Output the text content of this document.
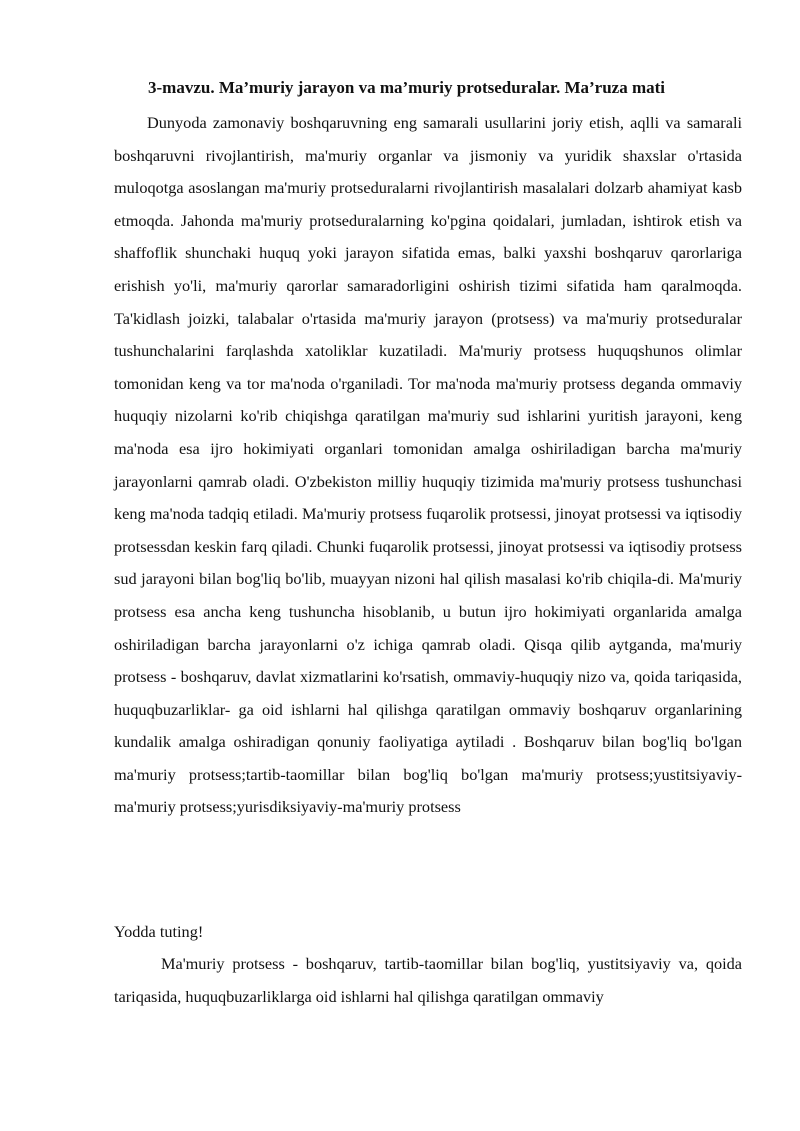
3-mavzu. Ma’muriy jarayon va ma’muriy protseduralar. Ma’ruza mati

Dunyoda zamonaviy boshqaruvning eng samarali usullarini joriy etish, aqlli va samarali boshqaruvni rivojlantirish, ma'muriy organlar va jismoniy va yuridik shaxslar o'rtasida muloqotga asoslangan ma'muriy protseduralarni rivojlantirish masalalari dolzarb ahamiyat kasb etmoqda. Jahonda ma'muriy protseduralarning ko'pgina qoidalari, jumladan, ishtirok etish va shaffoflik shunchaki huquq yoki jarayon sifatida emas, balki yaxshi boshqaruv qarorlariga erishish yo'li, ma'muriy qarorlar samaradorligini oshirish tizimi sifatida ham qaralmoqda. Ta'kidlash joizki, talabalar o'rtasida ma'muriy jarayon (protsess) va ma'muriy protseduralar tushunchalarini farqlashda xatoliklar kuzatiladi. Ma'muriy protsess huquqshunos olimlar tomonidan keng va tor ma'noda o'rganiladi. Tor ma'noda ma'muriy protsess deganda ommaviy huquqiy nizolarni ko'rib chiqishga qaratilgan ma'muriy sud ishlarini yuritish jarayoni, keng ma'noda esa ijro hokimiyati organlari tomonidan amalga oshiriladigan barcha ma'muriy jarayonlarni qamrab oladi. O'zbekiston milliy huquqiy tizimida ma'muriy protsess tushunchasi keng ma'noda tadqiq etiladi. Ma'muriy protsess fuqarolik protsessi, jinoyat protsessi va iqtisodiy protsessdan keskin farq qiladi. Chunki fuqarolik protsessi, jinoyat protsessi va iqtisodiy protsess sud jarayoni bilan bog'liq bo'lib, muayyan nizoni hal qilish masalasi ko'rib chiqila-di. Ma'muriy protsess esa ancha keng tushuncha hisoblanib, u butun ijro hokimiyati organlarida amalga oshiriladigan barcha jarayonlarni o'z ichiga qamrab oladi. Qisqa qilib aytganda, ma'muriy protsess - boshqaruv, davlat xizmatlarini ko'rsatish, ommaviy-huquqiy nizo va, qoida tariqasida, huquqbuzarliklar- ga oid ishlarni hal qilishga qaratilgan ommaviy boshqaruv organlarining kundalik amalga oshiradigan qonuniy faoliyatiga aytiladi . Boshqaruv bilan bog'liq bo'lgan ma'muriy protsess;tartib-taomillar bilan bog'liq bo'lgan ma'muriy protsess;yustitsiyaviy-ma'muriy protsess;yurisdiksiyaviy-ma'muriy protsess

Yodda tuting!

Ma'muriy protsess - boshqaruv, tartib-taomillar bilan bog'liq, yustitsiyaviy va, qoida tariqasida, huquqbuzarliklarga oid ishlarni hal qilishga qaratilgan ommaviy
